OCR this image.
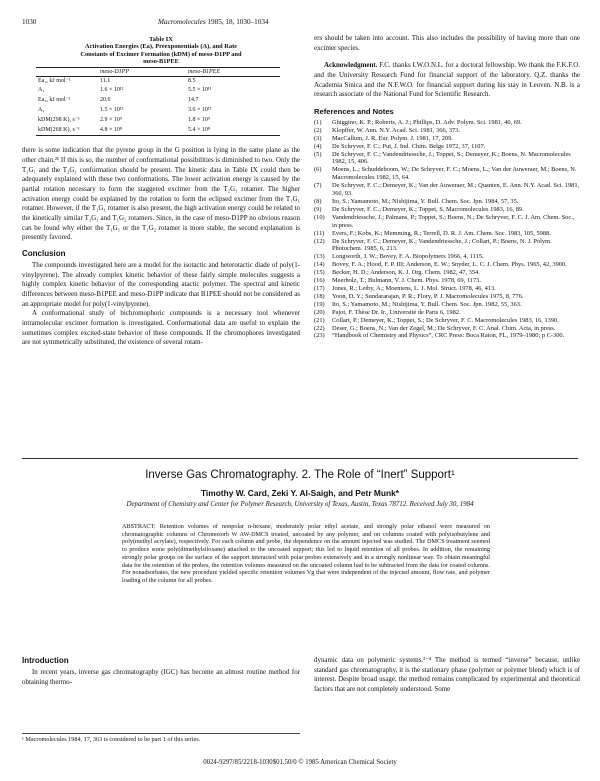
1030	Macromolecules 1985, 18, 1030–1034
Table IX
Activation Energies (Ea), Preexponentials (A), and Rate
Constants of Excimer Formation (kDM) of meso-D1PP and
meso-B1PEE
	meso-D1PP	meso-B1PEE
Ea₁, kJ mol⁻¹	11.1	8.5
A₁	1.6 × 10¹²	5.5 × 10¹¹
Ea₂, kJ mol⁻¹	20.6	14.7
A₂	1.5 × 10¹³	3.6 × 10¹²
kDM(298 K), s⁻¹	2.9 × 10⁹	1.8 × 10⁹
kDM(268 K), s⁻¹	4.8 × 10⁸	5.4 × 10⁸

there is some indication that the pyrene group in the G position is lying in the same plane as the other chain.²¹ If this is so, the number of conformational possibilities is diminished to two. Only the T₁G₁ and the T₂G₁ conformation should be present. The kinetic data in Table IX could then be adequately explained with these two conformations. The lower activation energy is caused by the partial rotation necessary to form the staggered excimer from the T₂G₁ rotamer. The higher activation energy could be explained by the rotation to form the eclipsed excimer from the T₁G₁ rotamer. However, if the T₁G₁ rotamer is also present, the high activation energy could be related to the kinetically similar T₁G₁ and T₁G₂ rotamers. Since, in the case of meso-D1PP no obvious reason can be found why either the T₁G₁ or the T₁G₂ rotamer is more stable, the second explanation is presently favored.

Conclusion

The compounds investigated here are a model for the isotactic and heterotactic diade of poly(1-vinylpyrene). The already complex kinetic behavior of these fairly simple molecules suggests a highly complex kinetic behavior of the corresponding atactic polymer. The spectral and kinetic differences between meso-B1PEE and meso-D1PP indicate that B1PEE should not be considered as an appropriate model for poly(1-vinylpyrene).

A conformational study of bichromophoric compounds is a necessary tool whenever intramolecular excimer formation is investigated. Conformational data are useful to explain the sometimes complex excited-state behavior of these compounds. If the chromophores investigated are not symmetrically substituted, the existence of several rotam-

ers should be taken into account. This also includes the possibility of having more than one excimer species.

Acknowledgment. F.C. thanks I.W.O.N.L. for a doctoral fellowship. We thank the F.K.F.O. and the University Research Fund for financial support of the laboratory. Q.Z. thanks the Academia Sinica and the N.F.W.O. for financial support during his stay in Leuven. N.B. is a research associate of the National Fund for Scientific Research.

References and Notes
(1) Ghiggino, K. P.; Roberts, A. J.; Phillips, D. Adv. Polym. Sci. 1981, 40, 69.
(2) Klopffer, W. Ann. N.Y. Acad. Sci. 1981, 366, 373.
(3) MacCallum, J. R. Eur. Polym. J. 1981, 17, 209.
(4) De Schryver, F. C.; Put, J. Ind. Chim. Belge 1972, 37, 1107.
(5) De Schryver, F. C.; Vandendriessche, J.; Toppet, S.; Demeyer, K.; Boens, N. Macromolecules 1982, 15, 406.
(6) Moens, L.; Schuddeboom, W.; De Schryver, F. C.; Moens, L.; Van der Auweraer, M.; Boens, N. Macromolecules 1982, 15, 64.
(7) De Schryver, F. C.; Demeyer, K.; Van der Auweraer, M.; Quanten, E. Ann. N.Y. Acad. Sci. 1981, 366, 93.
(8) Ito, S.; Yamamoto, M.; Nishijima, Y. Bull. Chem. Soc. Jpn. 1984, 57, 35.
(9) De Schryver, F. C.; Demeyer, K.; Toppet, S. Macromolecules 1983, 16, 89.
(10) Vandendriessche, J.; Palmans, P.; Toppet, S.; Boens, N.; De Schryver, F. C. J. Am. Chem. Soc., in press.
(11) Evers, F.; Kobs, K.; Memming, R.; Terrell, D. R. J. Am. Chem. Soc. 1983, 105, 5988.
(12) De Schryver, F. C.; Demeyer, K.; Vandendriessche, J.; Collart, P.; Boens, N. J. Polym. Photochem. 1985, 6, 213.
(13) Longworth, J. W.; Bovey, F. A. Biopolymers 1966, 4, 1115.
(14) Bovey, F. A.; Hood, F. P. III; Anderson, E. W.; Snyder, L. C. J. Chem. Phys. 1965, 42, 3900.
(15) Becker, H. D.; Anderson, K. J. Org. Chem. 1982, 47, 354.
(16) Meerholz, T.; Bulmann, V. J. Chem. Phys. 1978, 69, 1173.
(17) Jones, R.; Letby, A.; Moentens, L. J. Mol. Struct. 1978, 46, 413.
(18) Yoon, D. Y.; Sundararajan, P. R.; Flory, P. J. Macromolecules 1975, 8, 776.
(19) Ito, S.; Yamamoto, M.; Nishijima, Y. Bull. Chem. Soc. Jpn. 1982, 55, 363.
(20) Pajot, F. Thèse Dr. Ir., Université de Paris 6, 1982.
(21) Collart, P.; Demeyer, K.; Toppet, S.; De Schryver, F. C. Macromolecules 1983, 16, 1390.
(22) Deser, G.; Boens, N.; Van der Zegel, M.; De Schryver, F. C. Anal. Chim. Acta, in press.
(23) “Handbook of Chemistry and Physics”, CRC Press: Boca Raton, FL, 1979–1980; p C-300.
Inverse Gas Chromatography. 2. The Role of “Inert” Support¹
Timothy W. Card, Zeki Y. Al-Saigh, and Petr Munk*
Department of Chemistry and Center for Polymer Research, University of Texas, Austin, Texas 78712. Received July 30, 1984

ABSTRACT: Retention volumes of nonpolar n-hexane, moderately polar ethyl acetate, and strongly polar ethanol were measured on chromatographic columns of Chromosorb W AW-DMCS treated, uncoated by any polymer, and on columns coated with polyisobutylene and poly(methyl acrylate), respectively. For each column and probe, the dependence on the amount injected was studied. The DMCS treatment seemed to produce some poly(dimethylsiloxane) attached to the uncoated support; this led to liquid retention of all probes. In addition, the remaining strongly polar groups on the surface of the support interacted with polar probes extensively and in a strongly nonlinear way. To obtain meaningful data for the retention of the probes, the retention volumes measured on the uncoated column had to be subtracted from the data for coated columns. For nonadsorbates, the new procedure yielded specific retention volumes Vg that were independent of the injected amount, flow rate, and polymer loading of the column for all probes.

Introduction

In recent years, inverse gas chromatography (IGC) has become an almost routine method for obtaining thermo-

dynamic data on polymeric systems.²⁻⁴ The method is termed “inverse” because, unlike standard gas chromatography, it is the stationary phase (polymer or polymer blend) which is of interest. Despite broad usage, the method remains complicated by experimental and theoretical factors that are not completely understood. Some

¹ Macromolecules 1984, 17, 363 is considered to be part 1 of this series.
0024-9297/85/2218-1030$01.50/0 © 1985 American Chemical Society
